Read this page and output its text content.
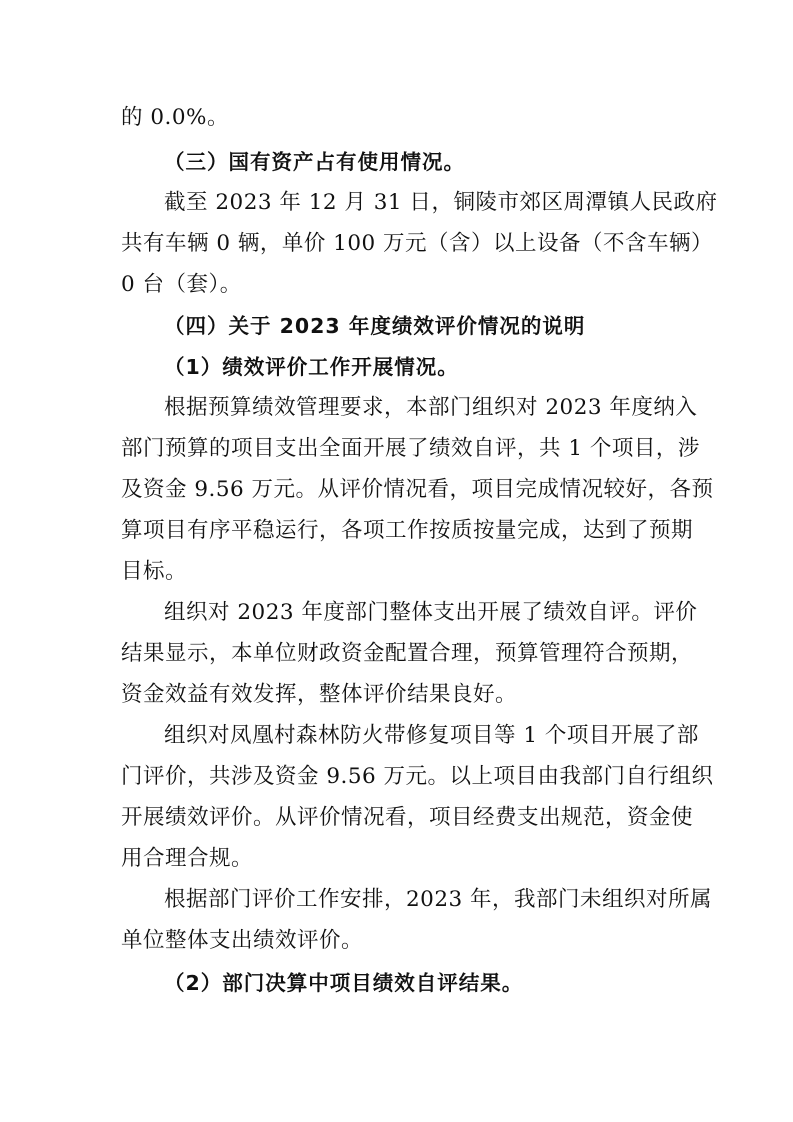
的 0.0%。
（三）国有资产占有使用情况。
截至 2023 年 12 月 31 日，铜陵市郊区周潭镇人民政府
共有车辆 0 辆，单价 100 万元（含）以上设备（不含车辆）
0 台（套）。
（四）关于 2023 年度绩效评价情况的说明
（1）绩效评价工作开展情况。
根据预算绩效管理要求，本部门组织对 2023 年度纳入
部门预算的项目支出全面开展了绩效自评，共 1 个项目，涉
及资金 9.56 万元。从评价情况看，项目完成情况较好，各预
算项目有序平稳运行，各项工作按质按量完成，达到了预期
目标。
组织对 2023 年度部门整体支出开展了绩效自评。评价
结果显示，本单位财政资金配置合理，预算管理符合预期，
资金效益有效发挥，整体评价结果良好。
组织对凤凰村森林防火带修复项目等 1 个项目开展了部
门评价，共涉及资金 9.56 万元。以上项目由我部门自行组织
开展绩效评价。从评价情况看，项目经费支出规范，资金使
用合理合规。
根据部门评价工作安排，2023 年，我部门未组织对所属
单位整体支出绩效评价。
（2）部门决算中项目绩效自评结果。
